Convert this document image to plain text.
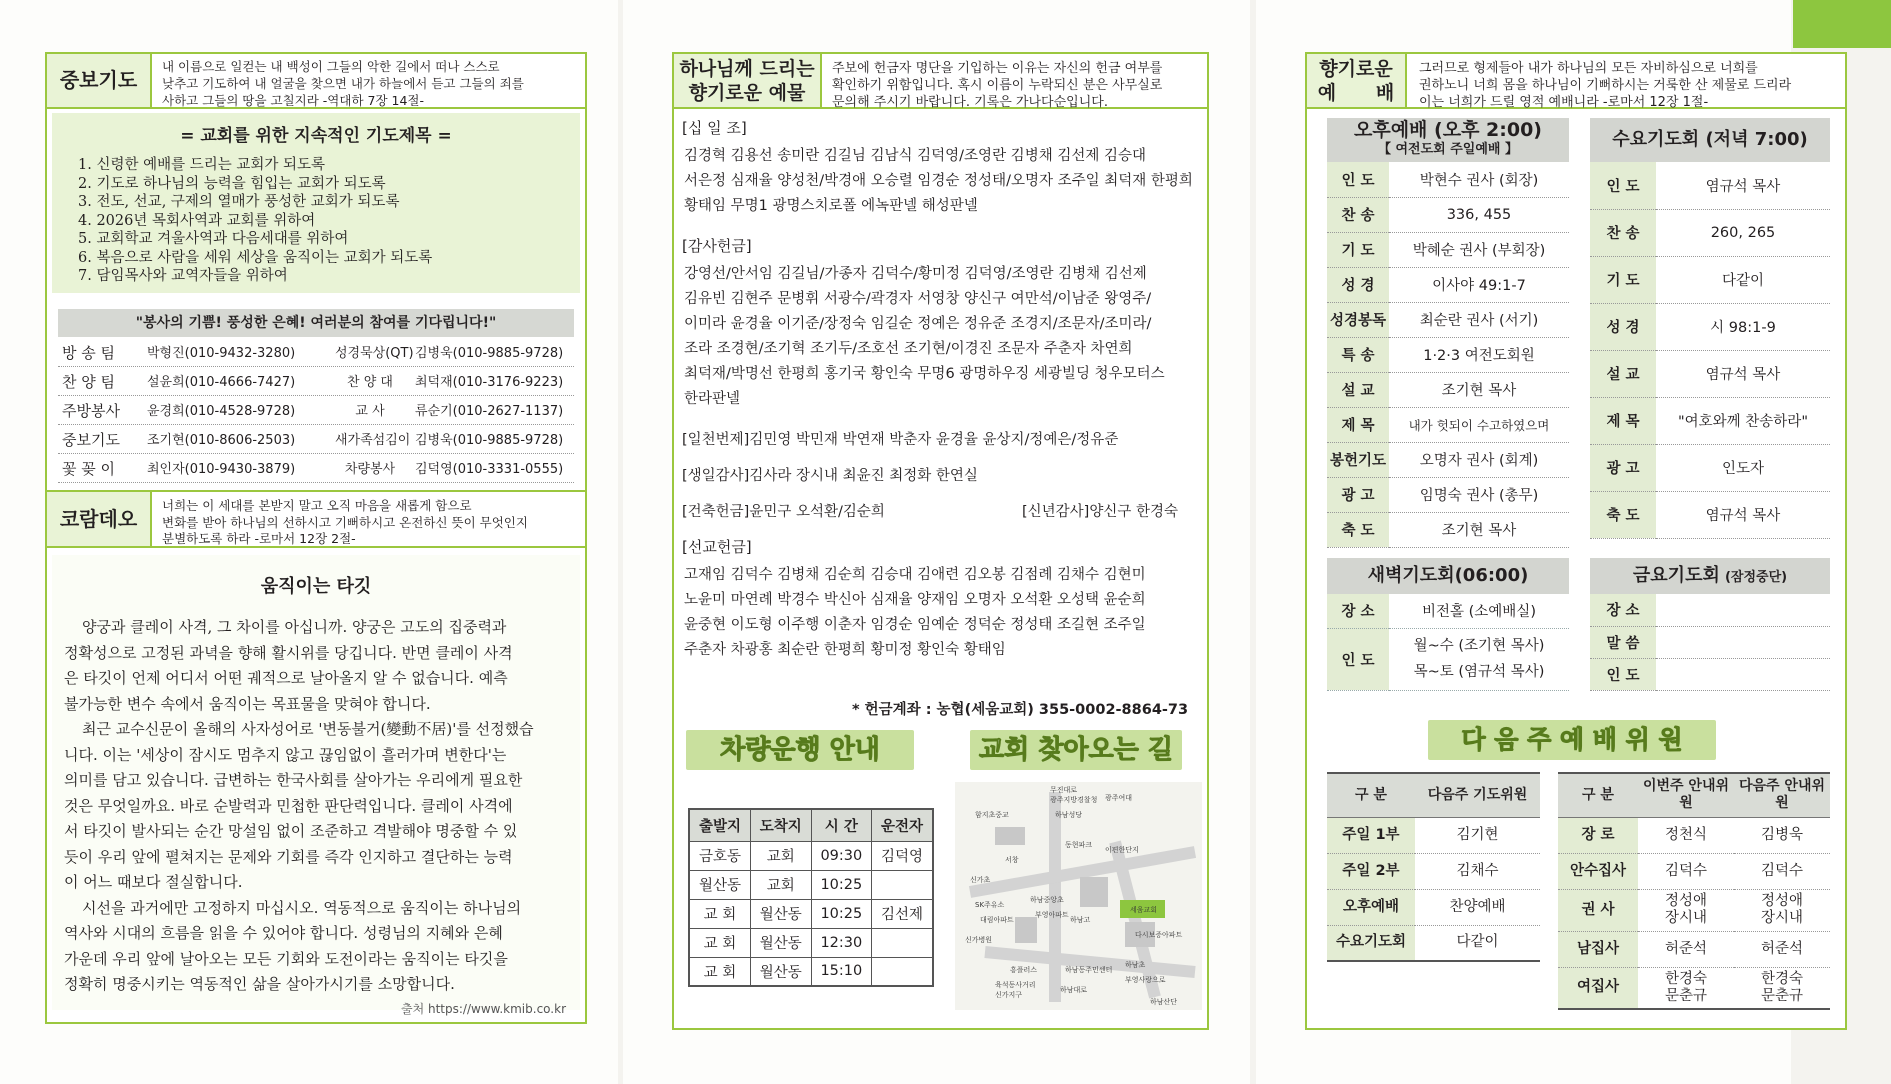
중보기도
내 이름으로 일컫는 내 백성이 그들의 악한 길에서 떠나 스스로
낮추고 기도하여 내 얼굴을 찾으면 내가 하늘에서 듣고 그들의 죄를
사하고 그들의 땅을 고칠지라 -역대하 7장 14절-
= 교회를 위한 지속적인 기도제목 =
1. 신령한 예배를 드리는 교회가 되도록
2. 기도로 하나님의 능력을 힘입는 교회가 되도록
3. 전도, 선교, 구제의 열매가 풍성한 교회가 되도록
4. 2026년 목회사역과 교회를 위하여
5. 교회학교 겨울사역과 다음세대를 위하여
6. 복음으로 사람을 세워 세상을 움직이는 교회가 되도록
7. 담임목사와 교역자들을 위하여
"봉사의 기쁨! 풍성한 은혜! 여러분의 참여를 기다립니다!"
방 송 팀	박형진(010-9432-3280)	성경묵상(QT) 김병욱(010-9885-9728)
찬 양 팀	설윤희(010-4666-7427)	찬 양 대	최덕재(010-3176-9223)
주방봉사	윤경희(010-4528-9728)	교 사	류순기(010-2627-1137)
중보기도	조기현(010-8606-2503)	새가족섬김이 김병욱(010-9885-9728)
꽃 꽂 이	최인자(010-9430-3879)	차량봉사	김덕영(010-3331-0555)
코람데오
너희는 이 세대를 본받지 말고 오직 마음을 새롭게 함으로
변화를 받아 하나님의 선하시고 기뻐하시고 온전하신 뜻이 무엇인지
분별하도록 하라 -로마서 12장 2절-
움직이는 타깃
양궁과 클레이 사격, 그 차이를 아십니까. 양궁은 고도의 집중력과
정확성으로 고정된 과녁을 향해 활시위를 당깁니다. 반면 클레이 사격
은 타깃이 언제 어디서 어떤 궤적으로 날아올지 알 수 없습니다. 예측
불가능한 변수 속에서 움직이는 목표물을 맞혀야 합니다.
최근 교수신문이 올해의 사자성어로 '변동불거(變動不居)'를 선정했습
니다. 이는 '세상이 잠시도 멈추지 않고 끊임없이 흘러가며 변한다'는
의미를 담고 있습니다. 급변하는 한국사회를 살아가는 우리에게 필요한
것은 무엇일까요. 바로 순발력과 민첩한 판단력입니다. 클레이 사격에
서 타깃이 발사되는 순간 망설임 없이 조준하고 격발해야 명중할 수 있
듯이 우리 앞에 펼쳐지는 문제와 기회를 즉각 인지하고 결단하는 능력
이 어느 때보다 절실합니다.
시선을 과거에만 고정하지 마십시오. 역동적으로 움직이는 하나님의
역사와 시대의 흐름을 읽을 수 있어야 합니다. 성령님의 지혜와 은혜
가운데 우리 앞에 날아오는 모든 기회와 도전이라는 움직이는 타깃을
정확히 명중시키는 역동적인 삶을 살아가시기를 소망합니다.
출처 https://www.kmib.co.kr
하나님께 드리는
향기로운 예물
주보에 헌금자 명단을 기입하는 이유는 자신의 헌금 여부를
확인하기 위함입니다. 혹시 이름이 누락되신 분은 사무실로
문의해 주시기 바랍니다. 기록은 가나다순입니다.
[십 일 조]
김경혁 김용선 송미란 김길님 김남식 김덕영/조영란 김병채 김선제 김승대
서은정 심재율 양성천/박경애 오승렬 임경순 정성태/오명자 조주일 최덕재 한평희
황태임 무명1 광명스치로폴 에녹판넬 해성판넬
[감사헌금]
강영선/안서임 김길님/가종자 김덕수/황미정 김덕영/조영란 김병채 김선제
김유빈 김현주 문병휘 서광수/곽경자 서영창 양신구 여만석/이남준 왕영주/
이미라 윤경율 이기준/장정숙 임길순 정예은 정유준 조경지/조문자/조미라/
조라 조경현/조기혁 조기두/조호선 조기현/이경진 조문자 주춘자 차연희
최덕재/박명선 한평희 홍기국 황인숙 무명6 광명하우징 세광빌딩 청우모터스
한라판넬
[일천번제]김민영 박민재 박연재 박춘자 윤경율 윤상지/정예은/정유준
[생일감사]김사라 장시내 최윤진 최정화 한연실
[건축헌금]윤민구 오석환/김순희	[신년감사]양신구 한경숙
[선교헌금]
고재임 김덕수 김병채 김순희 김승대 김애련 김오봉 김점례 김채수 김현미
노윤미 마연례 박경수 박신아 심재율 양재임 오명자 오석환 오성택 윤순희
윤중현 이도형 이주행 이춘자 임경순 임예순 정덕순 정성태 조길현 조주일
주춘자 차광홍 최순란 한평희 황미정 황인숙 황태임
* 헌금계좌 : 농협(세움교회) 355-0002-8864-73
차량운행 안내	교회 찾아오는 길
출발지	도착지	시 간	운전자
금호동	교회	09:30	김덕영
월산동	교회	10:25	
교 회	월산동	10:25	김선제
교 회	월산동	12:30	
교 회	월산동	15:10	
무진대로
광주지방경찰청 광주여대
함지초중교	하남성당
동현파크
이편한단지
서창
신가초
SK주유소
대림아파트
신가병원
하남중앙초
부영아파트
하남고
세움교회
다시보증아파트
흥플러스	하남동주민센터
하남초
부영사랑으로
육석동사거리
신가지구
하남대로
하남산단
향기로운
예      배
그러므로 형제들아 내가 하나님의 모든 자비하심으로 너희를
권하노니 너희 몸을 하나님이 기뻐하시는 거룩한 산 제물로 드리라
이는 너희가 드릴 영적 예배니라 -로마서 12장 1절-
오후예배 (오후 2:00)
【 여전도회 주일예배 】
인 도	박현수 권사 (회장)
찬 송	336, 455
기 도	박혜순 권사 (부회장)
성 경	이사야 49:1-7
성경봉독	최순란 권사 (서기)
특 송	1·2·3 여전도회원
설 교	조기현 목사
제 목	내가 헛되이 수고하였으며
봉헌기도	오명자 권사 (회계)
광 고	임명숙 권사 (총무)
축 도	조기현 목사
수요기도회 (저녁 7:00)
인 도	염규석 목사
찬 송	260, 265
기 도	다같이
성 경	시 98:1-9
설 교	염규석 목사
제 목	"여호와께 찬송하라"
광 고	인도자
축 도	염규석 목사
새벽기도회(06:00)
장 소	비전홀 (소예배실)
인 도	월~수 (조기현 목사)
목~토 (염규석 목사)
금요기도회 (잠정중단)
장 소	
말 씀	
인 도	
다 음 주 예 배 위 원
구 분	다음주 기도위원
주일 1부	김기현
주일 2부	김채수
오후예배	찬양예배
수요기도회	다같이
구 분	이번주 안내위원	다음주 안내위원
장 로	정천식	김병욱
안수집사	김덕수	김덕수
권 사	정성애 장시내	정성애 장시내
남집사	허준석	허준석
여집사	한경숙 문춘규	한경숙 문춘규
